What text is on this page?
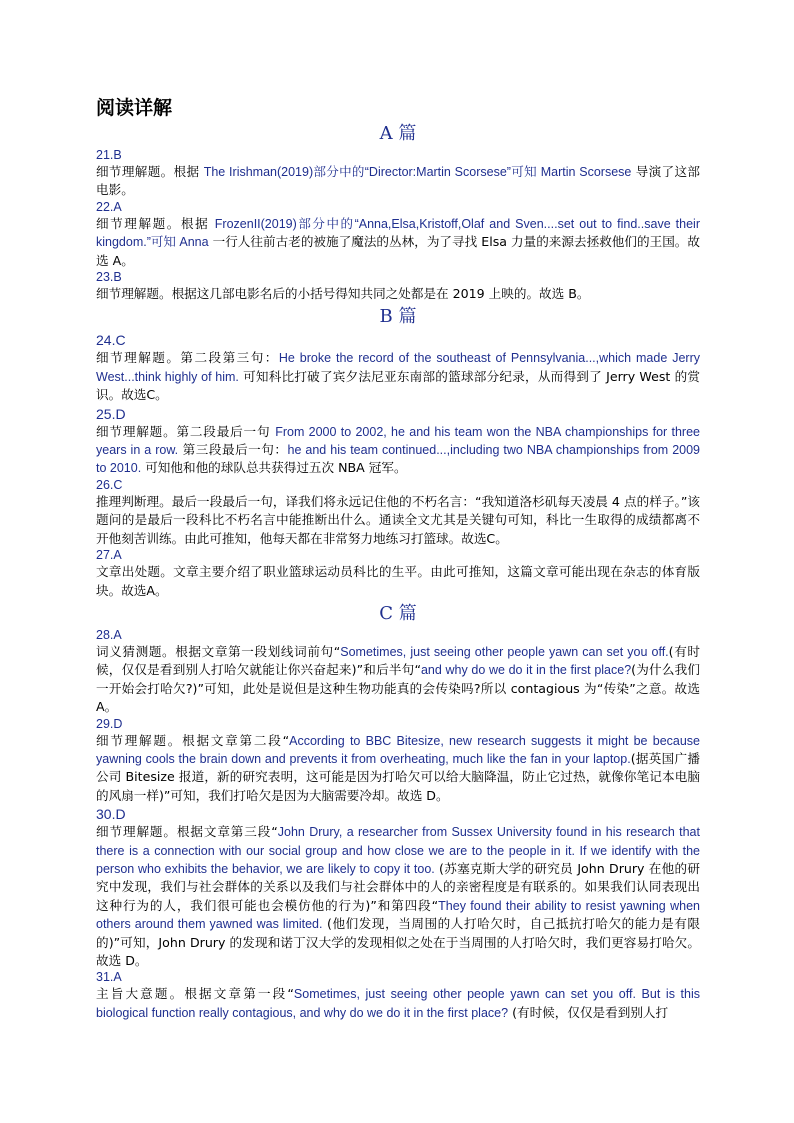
阅读详解
A 篇
21.B

细节理解题。根据 The Irishman(2019)部分中的“Director:Martin Scorsese”可知 Martin Scorsese 导演了这部电影。

22.A

细节理解题。根据 FrozenII(2019)部分中的“Anna,Elsa,Kristoff,Olaf and Sven....set out to find..save their kingdom.”可知 Anna 一行人往前古老的被施了魔法的丛林，为了寻找 Elsa 力量的来源去拯救他们的王国。故选 A。

23.B

细节理解题。根据这几部电影名后的小括号得知共同之处都是在 2019 上映的。故选 B。

B 篇
24.C

细节理解题。第二段第三句：He broke the record of the southeast of Pennsylvania...,which made Jerry West...think highly of him. 可知科比打破了宾夕法尼亚东南部的篮球部分纪录，从而得到了 Jerry West 的赏识。故选C。

25.D

细节理解题。第二段最后一句 From 2000 to 2002, he and his team won the NBA championships for three years in a row. 第三段最后一句：he and his team continued...,including two NBA championships from 2009 to 2010. 可知他和他的球队总共获得过五次 NBA 冠军。

26.C

推理判断理。最后一段最后一句，译我们将永远记住他的不朽名言：“我知道洛杉矶每天凌晨 4 点的样子。”该题问的是最后一段科比不朽名言中能推断出什么。通读全文尤其是关键句可知，科比一生取得的成绩都离不开他刻苦训练。由此可推知，他每天都在非常努力地练习打篮球。故选C。

27.A

文章出处题。文章主要介绍了职业篮球运动员科比的生平。由此可推知，这篇文章可能出现在杂志的体育版块。故选A。

C 篇
28.A

词义猜测题。根据文章第一段划线词前句“Sometimes, just seeing other people yawn can set you off.(有时候，仅仅是看到别人打哈欠就能让你兴奋起来)”和后半句“and why do we do it in the first place?(为什么我们一开始会打哈欠?)”可知，此处是说但是这种生物功能真的会传染吗?所以 contagious 为“传染”之意。故选 A。

29.D

细节理解题。根据文章第二段“According to BBC Bitesize, new research suggests it might be because yawning cools the brain down and prevents it from overheating, much like the fan in your laptop.(据英国广播公司 Bitesize 报道，新的研究表明，这可能是因为打哈欠可以给大脑降温，防止它过热，就像你笔记本电脑的风扇一样)”可知，我们打哈欠是因为大脑需要冷却。故选 D。

30.D

细节理解题。根据文章第三段“John Drury, a researcher from Sussex University found in his research that there is a connection with our social group and how close we are to the people in it. If we identify with the person who exhibits the behavior, we are likely to copy it too. (苏塞克斯大学的研究员 John Drury 在他的研究中发现，我们与社会群体的关系以及我们与社会群体中的人的亲密程度是有联系的。如果我们认同表现出这种行为的人，我们很可能也会模仿他的行为)”和第四段“They found their ability to resist yawning when others around them yawned was limited. (他们发现，当周围的人打哈欠时，自己抵抗打哈欠的能力是有限的)”可知，John Drury 的发现和诺丁汉大学的发现相似之处在于当周围的人打哈欠时，我们更容易打哈欠。故选 D。

31.A

主旨大意题。根据文章第一段“Sometimes, just seeing other people yawn can set you off. But is this biological function really contagious, and why do we do it in the first place? (有时候，仅仅是看到别人打
